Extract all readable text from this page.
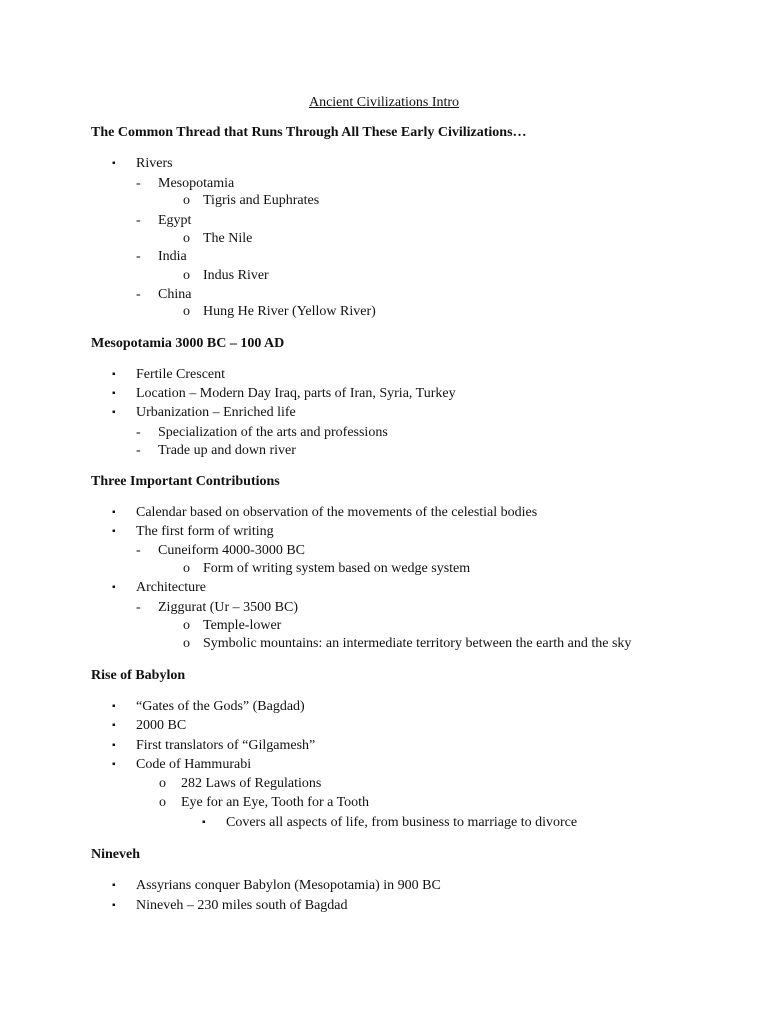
Ancient Civilizations Intro
The Common Thread that Runs Through All These Early Civilizations…
▪ Rivers
- Mesopotamia
o Tigris and Euphrates
- Egypt
o The Nile
- India
o Indus River
- China
o Hung He River (Yellow River)
Mesopotamia 3000 BC – 100 AD
▪ Fertile Crescent
▪ Location – Modern Day Iraq, parts of Iran, Syria, Turkey
▪ Urbanization – Enriched life
- Specialization of the arts and professions
- Trade up and down river
Three Important Contributions
▪ Calendar based on observation of the movements of the celestial bodies
▪ The first form of writing
- Cuneiform 4000-3000 BC
o Form of writing system based on wedge system
▪ Architecture
- Ziggurat (Ur – 3500 BC)
o Temple-lower
o Symbolic mountains: an intermediate territory between the earth and the sky
Rise of Babylon
▪ “Gates of the Gods” (Bagdad)
▪ 2000 BC
▪ First translators of “Gilgamesh”
▪ Code of Hammurabi
o 282 Laws of Regulations
o Eye for an Eye, Tooth for a Tooth
▪ Covers all aspects of life, from business to marriage to divorce
Nineveh
▪ Assyrians conquer Babylon (Mesopotamia) in 900 BC
▪ Nineveh – 230 miles south of Bagdad
